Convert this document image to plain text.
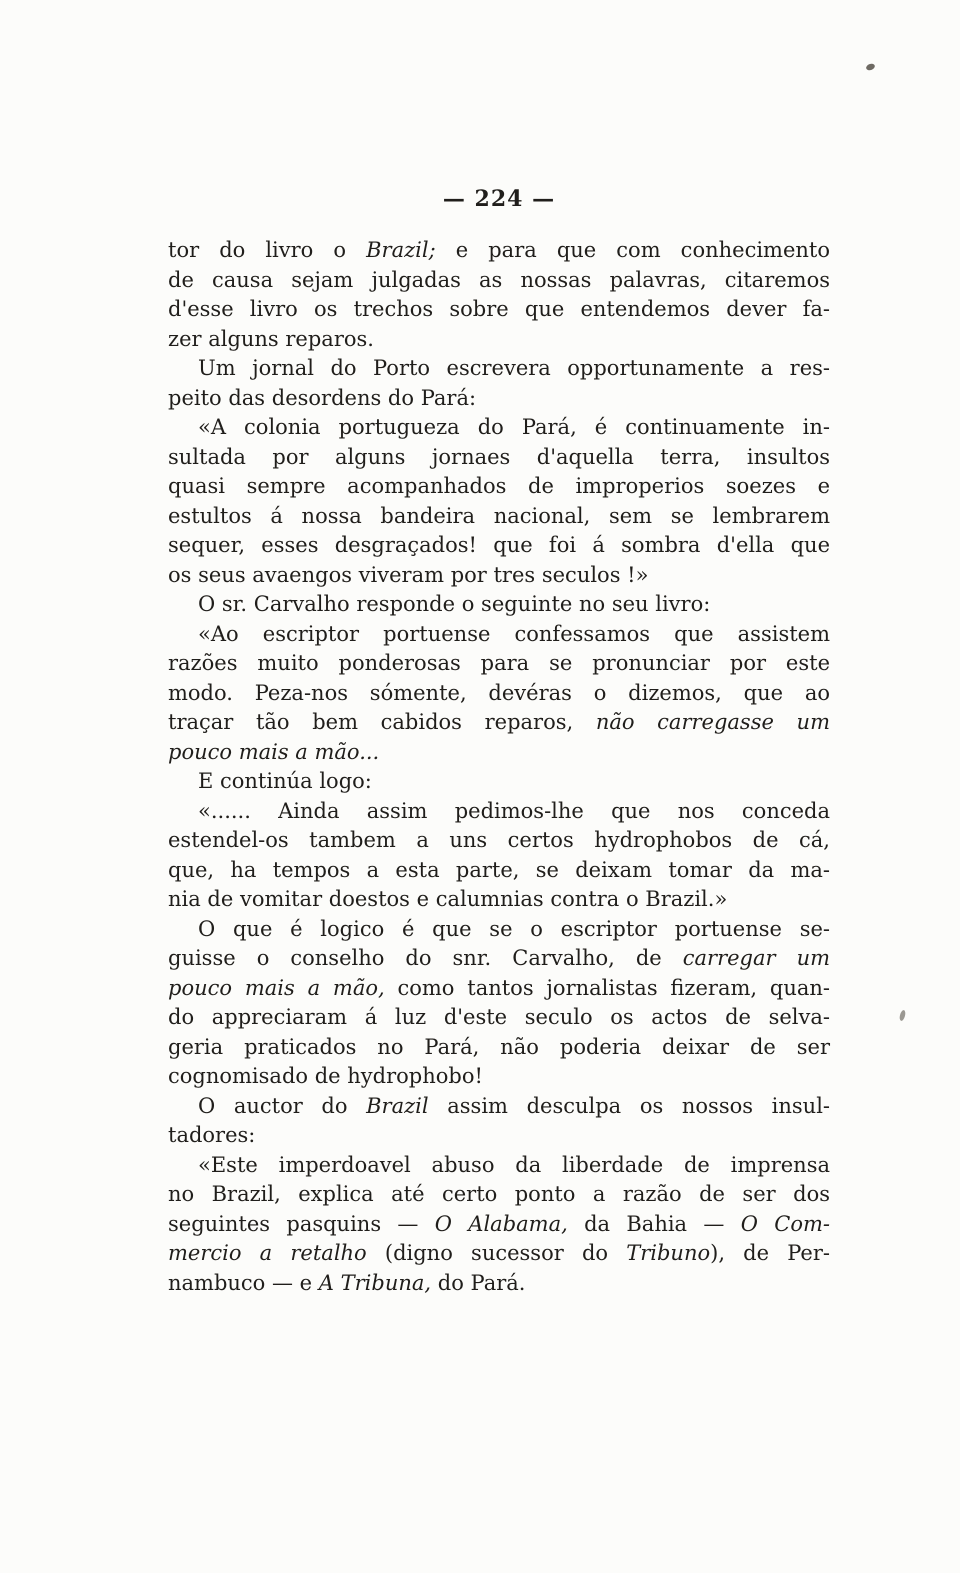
— 224 —
tor do livro o Brazil; e para que com conhecimento
de causa sejam julgadas as nossas palavras, citaremos
d'esse livro os trechos sobre que entendemos dever fa-
zer alguns reparos.
Um jornal do Porto escrevera opportunamente a res-
peito das desordens do Pará:
«A colonia portugueza do Pará, é continuamente in-
sultada por alguns jornaes d'aquella terra, insultos
quasi sempre acompanhados de improperios soezes e
estultos á nossa bandeira nacional, sem se lembrarem
sequer, esses desgraçados! que foi á sombra d'ella que
os seus avaengos viveram por tres seculos !»
O sr. Carvalho responde o seguinte no seu livro:
«Ao escriptor portuense confessamos que assistem
razões muito ponderosas para se pronunciar por este
modo. Peza-nos sómente, devéras o dizemos, que ao
traçar tão bem cabidos reparos, não carregasse um
pouco mais a mão...
E continúa logo:
«...... Ainda assim pedimos-lhe que nos conceda
estendel-os tambem a uns certos hydrophobos de cá,
que, ha tempos a esta parte, se deixam tomar da ma-
nia de vomitar doestos e calumnias contra o Brazil.»
O que é logico é que se o escriptor portuense se-
guisse o conselho do snr. Carvalho, de carregar um
pouco mais a mão, como tantos jornalistas fizeram, quan-
do appreciaram á luz d'este seculo os actos de selva-
geria praticados no Pará, não poderia deixar de ser
cognomisado de hydrophobo!
O auctor do Brazil assim desculpa os nossos insul-
tadores:
«Este imperdoavel abuso da liberdade de imprensa
no Brazil, explica até certo ponto a razão de ser dos
seguintes pasquins — O Alabama, da Bahia — O Com-
mercio a retalho (digno sucessor do Tribuno), de Per-
nambuco — e A Tribuna, do Pará.
